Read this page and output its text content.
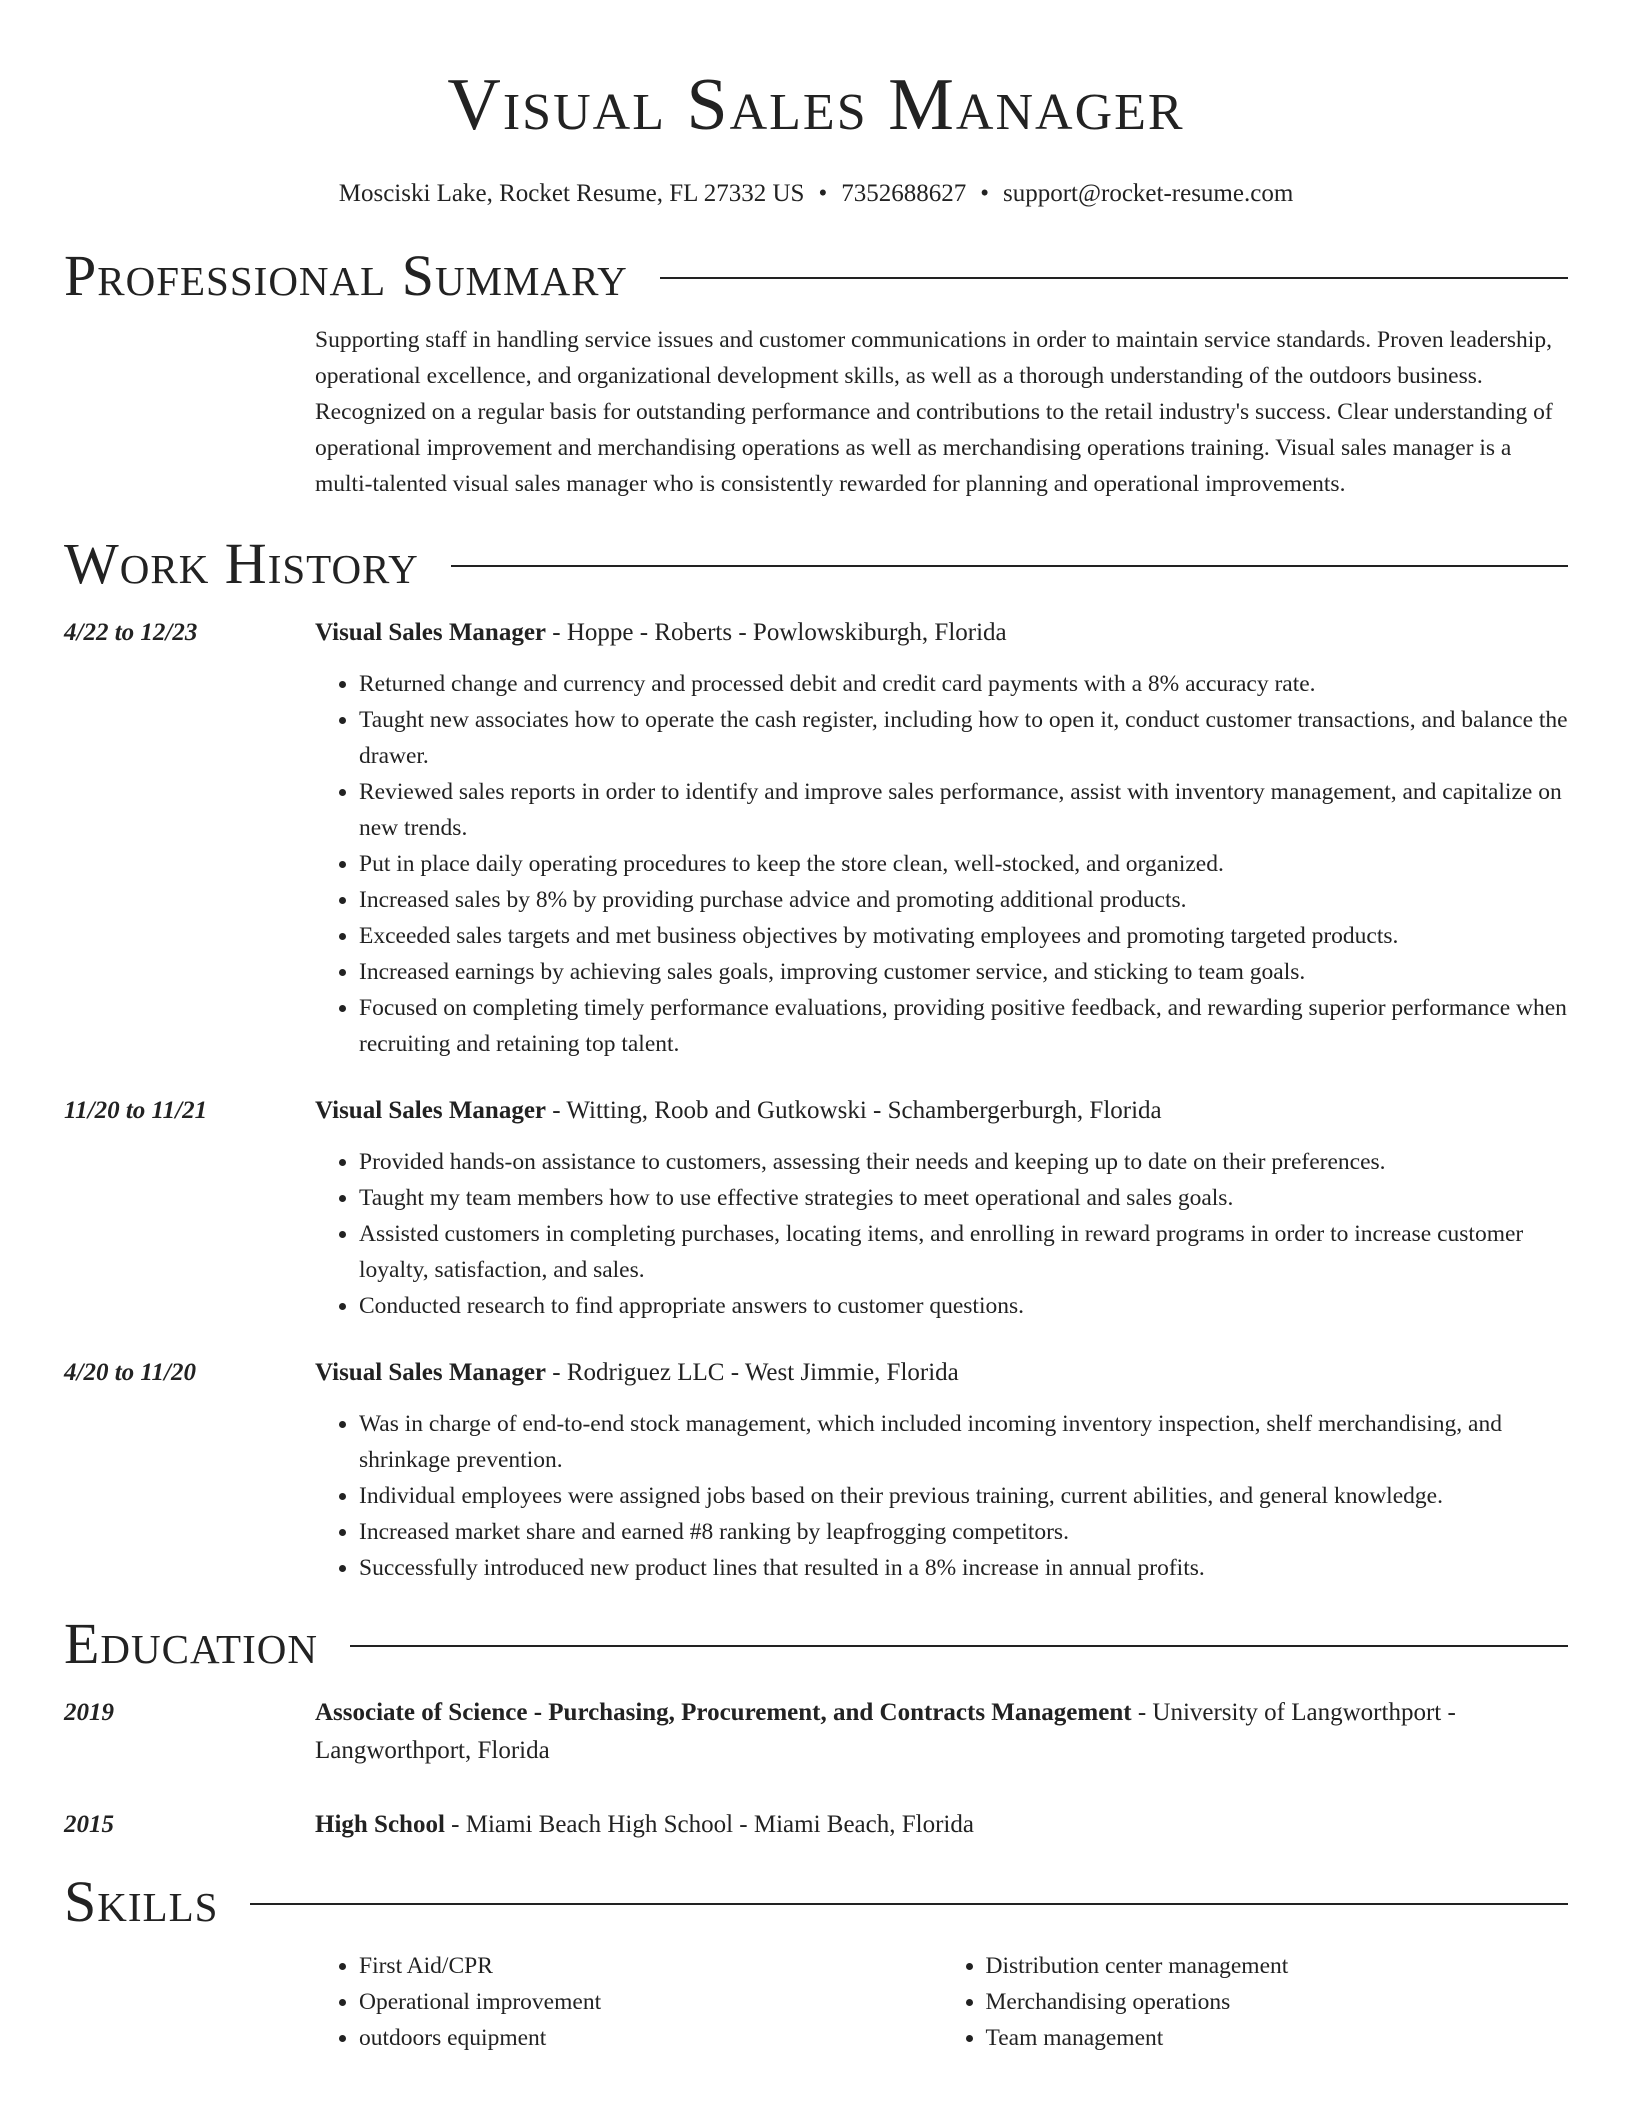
Visual Sales Manager
Mosciski Lake, Rocket Resume, FL 27332 US • 7352688627 • support@rocket-resume.com
Professional Summary
Supporting staff in handling service issues and customer communications in order to maintain service standards. Proven leadership, operational excellence, and organizational development skills, as well as a thorough understanding of the outdoors business. Recognized on a regular basis for outstanding performance and contributions to the retail industry's success. Clear understanding of operational improvement and merchandising operations as well as merchandising operations training. Visual sales manager is a multi-talented visual sales manager who is consistently rewarded for planning and operational improvements.
Work History
4/22 to 12/23	Visual Sales Manager - Hoppe - Roberts - Powlowskiburgh, Florida
• Returned change and currency and processed debit and credit card payments with a 8% accuracy rate.
• Taught new associates how to operate the cash register, including how to open it, conduct customer transactions, and balance the drawer.
• Reviewed sales reports in order to identify and improve sales performance, assist with inventory management, and capitalize on new trends.
• Put in place daily operating procedures to keep the store clean, well-stocked, and organized.
• Increased sales by 8% by providing purchase advice and promoting additional products.
• Exceeded sales targets and met business objectives by motivating employees and promoting targeted products.
• Increased earnings by achieving sales goals, improving customer service, and sticking to team goals.
• Focused on completing timely performance evaluations, providing positive feedback, and rewarding superior performance when recruiting and retaining top talent.
11/20 to 11/21	Visual Sales Manager - Witting, Roob and Gutkowski - Schambergerburgh, Florida
• Provided hands-on assistance to customers, assessing their needs and keeping up to date on their preferences.
• Taught my team members how to use effective strategies to meet operational and sales goals.
• Assisted customers in completing purchases, locating items, and enrolling in reward programs in order to increase customer loyalty, satisfaction, and sales.
• Conducted research to find appropriate answers to customer questions.
4/20 to 11/20	Visual Sales Manager - Rodriguez LLC - West Jimmie, Florida
• Was in charge of end-to-end stock management, which included incoming inventory inspection, shelf merchandising, and shrinkage prevention.
• Individual employees were assigned jobs based on their previous training, current abilities, and general knowledge.
• Increased market share and earned #8 ranking by leapfrogging competitors.
• Successfully introduced new product lines that resulted in a 8% increase in annual profits.
Education
2019	Associate of Science - Purchasing, Procurement, and Contracts Management - University of Langworthport - Langworthport, Florida
2015	High School - Miami Beach High School - Miami Beach, Florida
Skills
• First Aid/CPR
• Operational improvement
• outdoors equipment
• Distribution center management
• Merchandising operations
• Team management
